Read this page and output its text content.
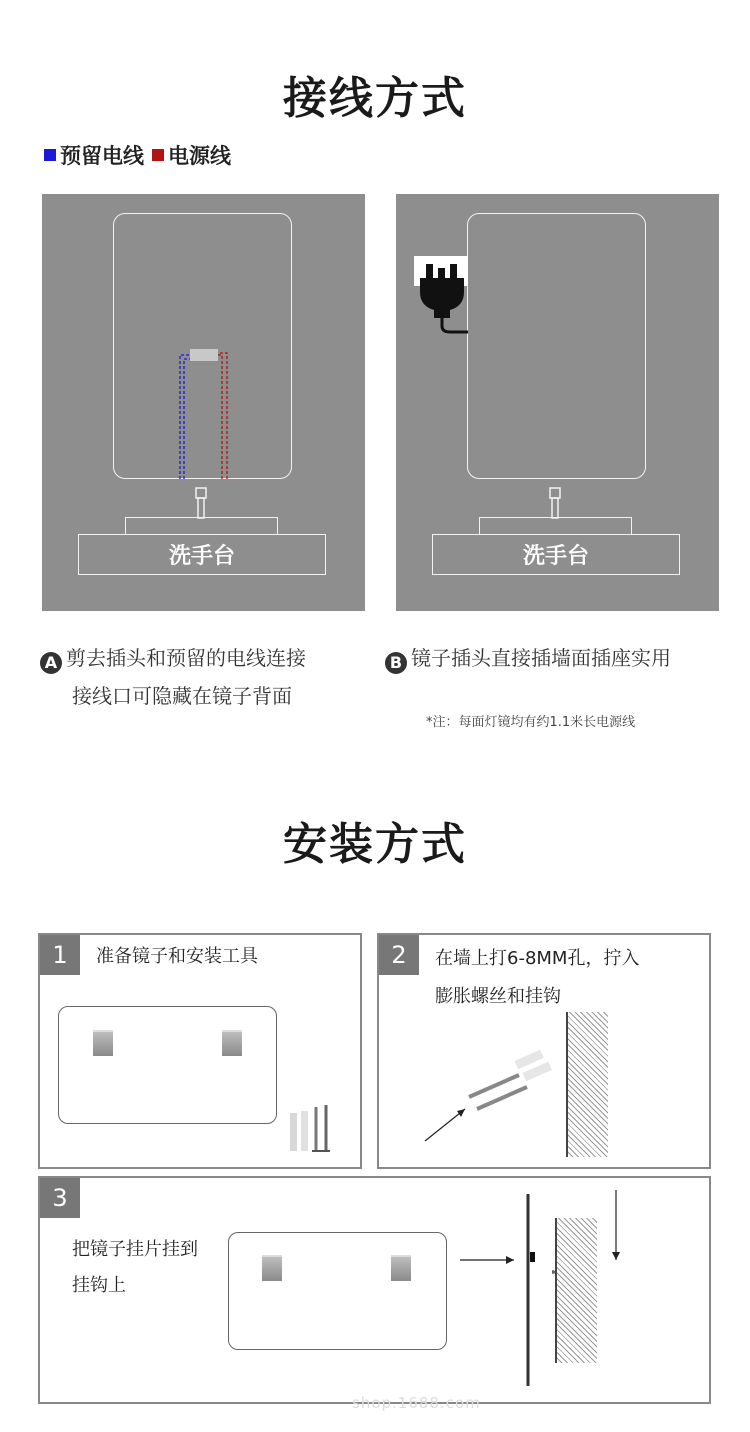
接线方式
预留电线 电源线
洗手台	洗手台
A 剪去插头和预留的电线连接
接线口可隐藏在镜子背面
B 镜子插头直接插墙面插座实用
*注：每面灯镜均有约1.1米长电源线
安装方式
1	准备镜子和安装工具	2	在墙上打6-8MM孔，拧入
膨胀螺丝和挂钩
3
把镜子挂片挂到
挂钩上
shop.1688.com
